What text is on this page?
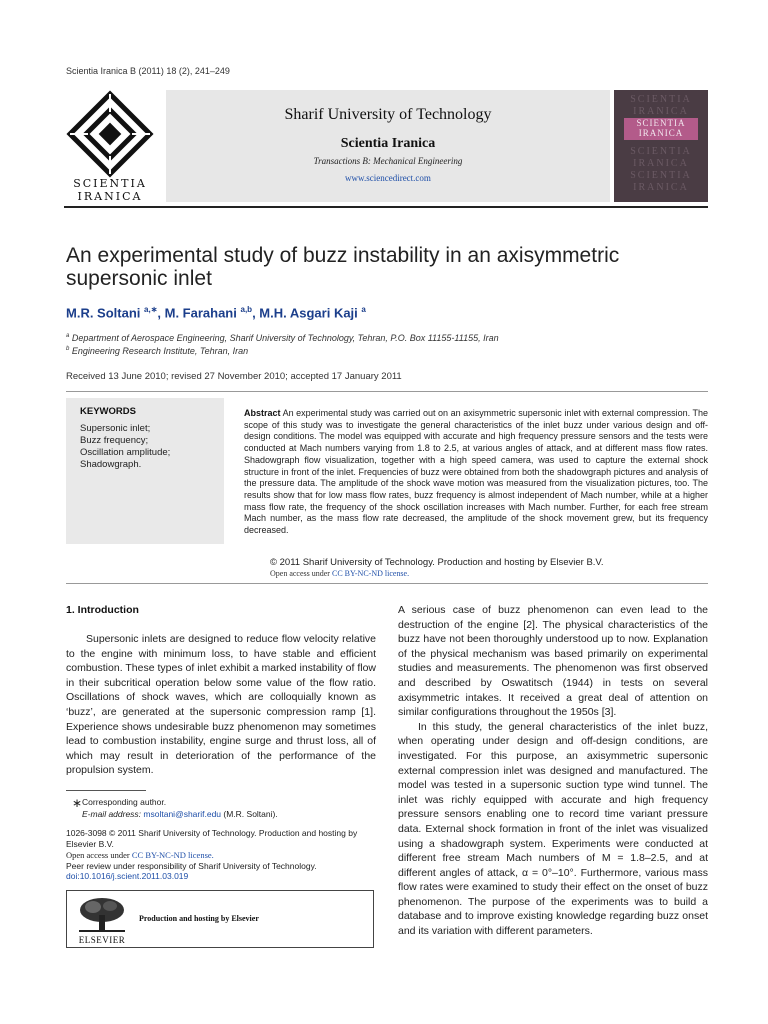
Scientia Iranica B (2011) 18 (2), 241–249
SCIENTIA
IRANICA
Sharif University of Technology
Scientia Iranica
Transactions B: Mechanical Engineering
www.sciencedirect.com
SCIENTIA
IRANICA
SCIENTIA
IRANICA
SCIENTIA
IRANICA
SCIENTIA
IRANICA
An experimental study of buzz instability in an axisymmetric supersonic inlet
M.R. Soltani $^{a,∗}$, M. Farahani $^{a,b}$, M.H. Asgari Kaji $^a$
$^a$ Department of Aerospace Engineering, Sharif University of Technology, Tehran, P.O. Box 11155-11155, Iran
$^b$ Engineering Research Institute, Tehran, Iran
Received 13 June 2010; revised 27 November 2010; accepted 17 January 2011
KEYWORDS
Supersonic inlet;
Buzz frequency;
Oscillation amplitude;
Shadowgraph.
Abstract An experimental study was carried out on an axisymmetric supersonic inlet with external compression. The scope of this study was to investigate the general characteristics of the inlet buzz under various design and off-design conditions. The model was equipped with accurate and high frequency pressure sensors and the tests were conducted at Mach numbers varying from 1.8 to 2.5, at various angles of attack, and at different mass flow rates. Shadowgraph flow visualization, together with a high speed camera, was used to capture the external shock structure in front of the inlet. Frequencies of buzz were obtained from both the shadowgraph pictures and analysis of the pressure data. The amplitude of the shock wave motion was measured from the visualization pictures, too. The results show that for low mass flow rates, buzz frequency is almost independent of Mach number, while at a higher mass flow rate, the frequency of the shock oscillation increases with Mach number. Further, for each free stream Mach number, as the mass flow rate decreased, the amplitude of the shock movement grew, but its frequency decreased.
© 2011 Sharif University of Technology. Production and hosting by Elsevier B.V.
Open access under CC BY-NC-ND license.
1. Introduction

Supersonic inlets are designed to reduce flow velocity relative to the engine with minimum loss, to have stable and efficient combustion. These types of inlet exhibit a marked instability of flow in their subcritical operation below some value of the flow ratio. Oscillations of shock waves, which are colloquially known as ‘buzz’, are generated at the supersonic compression ramp [1]. Experience shows undesirable buzz phenomenon may sometimes lead to combustion instability, engine surge and thrust loss, all of which may result in deterioration of the performance of the propulsion system.

A serious case of buzz phenomenon can even lead to the destruction of the engine [2]. The physical characteristics of the buzz have not been thoroughly understood up to now. Explanation of the physical mechanism was based primarily on experimental studies and measurements. The phenomenon was first observed and described by Oswatitsch (1944) in tests on several axisymmetric intakes. It received a great deal of attention on similar configurations throughout the 1950s [3].

In this study, the general characteristics of the inlet buzz, when operating under design and off-design conditions, are investigated. For this purpose, an axisymmetric supersonic external compression inlet was designed and manufactured. The model was tested in a supersonic suction type wind tunnel. The inlet was richly equipped with accurate and high frequency pressure sensors enabling one to record time variant pressure data. External shock formation in front of the inlet was visualized using a shadowgraph system. Experiments were conducted at different free stream Mach numbers of M = 1.8–2.5, and at different angles of attack, α = 0°–10°. Furthermore, various mass flow rates were examined to study their effect on the onset of buzz phenomenon. The purpose of the experiments was to build a database and to improve existing knowledge regarding buzz onset and its variation with different parameters.

∗ Corresponding author.
E-mail address: msoltani@sharif.edu (M.R. Soltani).
1026-3098 © 2011 Sharif University of Technology. Production and hosting by Elsevier B.V.
Open access under CC BY-NC-ND license.
Peer review under responsibility of Sharif University of Technology.
doi:10.1016/j.scient.2011.03.019
ELSEVIER
Production and hosting by Elsevier
